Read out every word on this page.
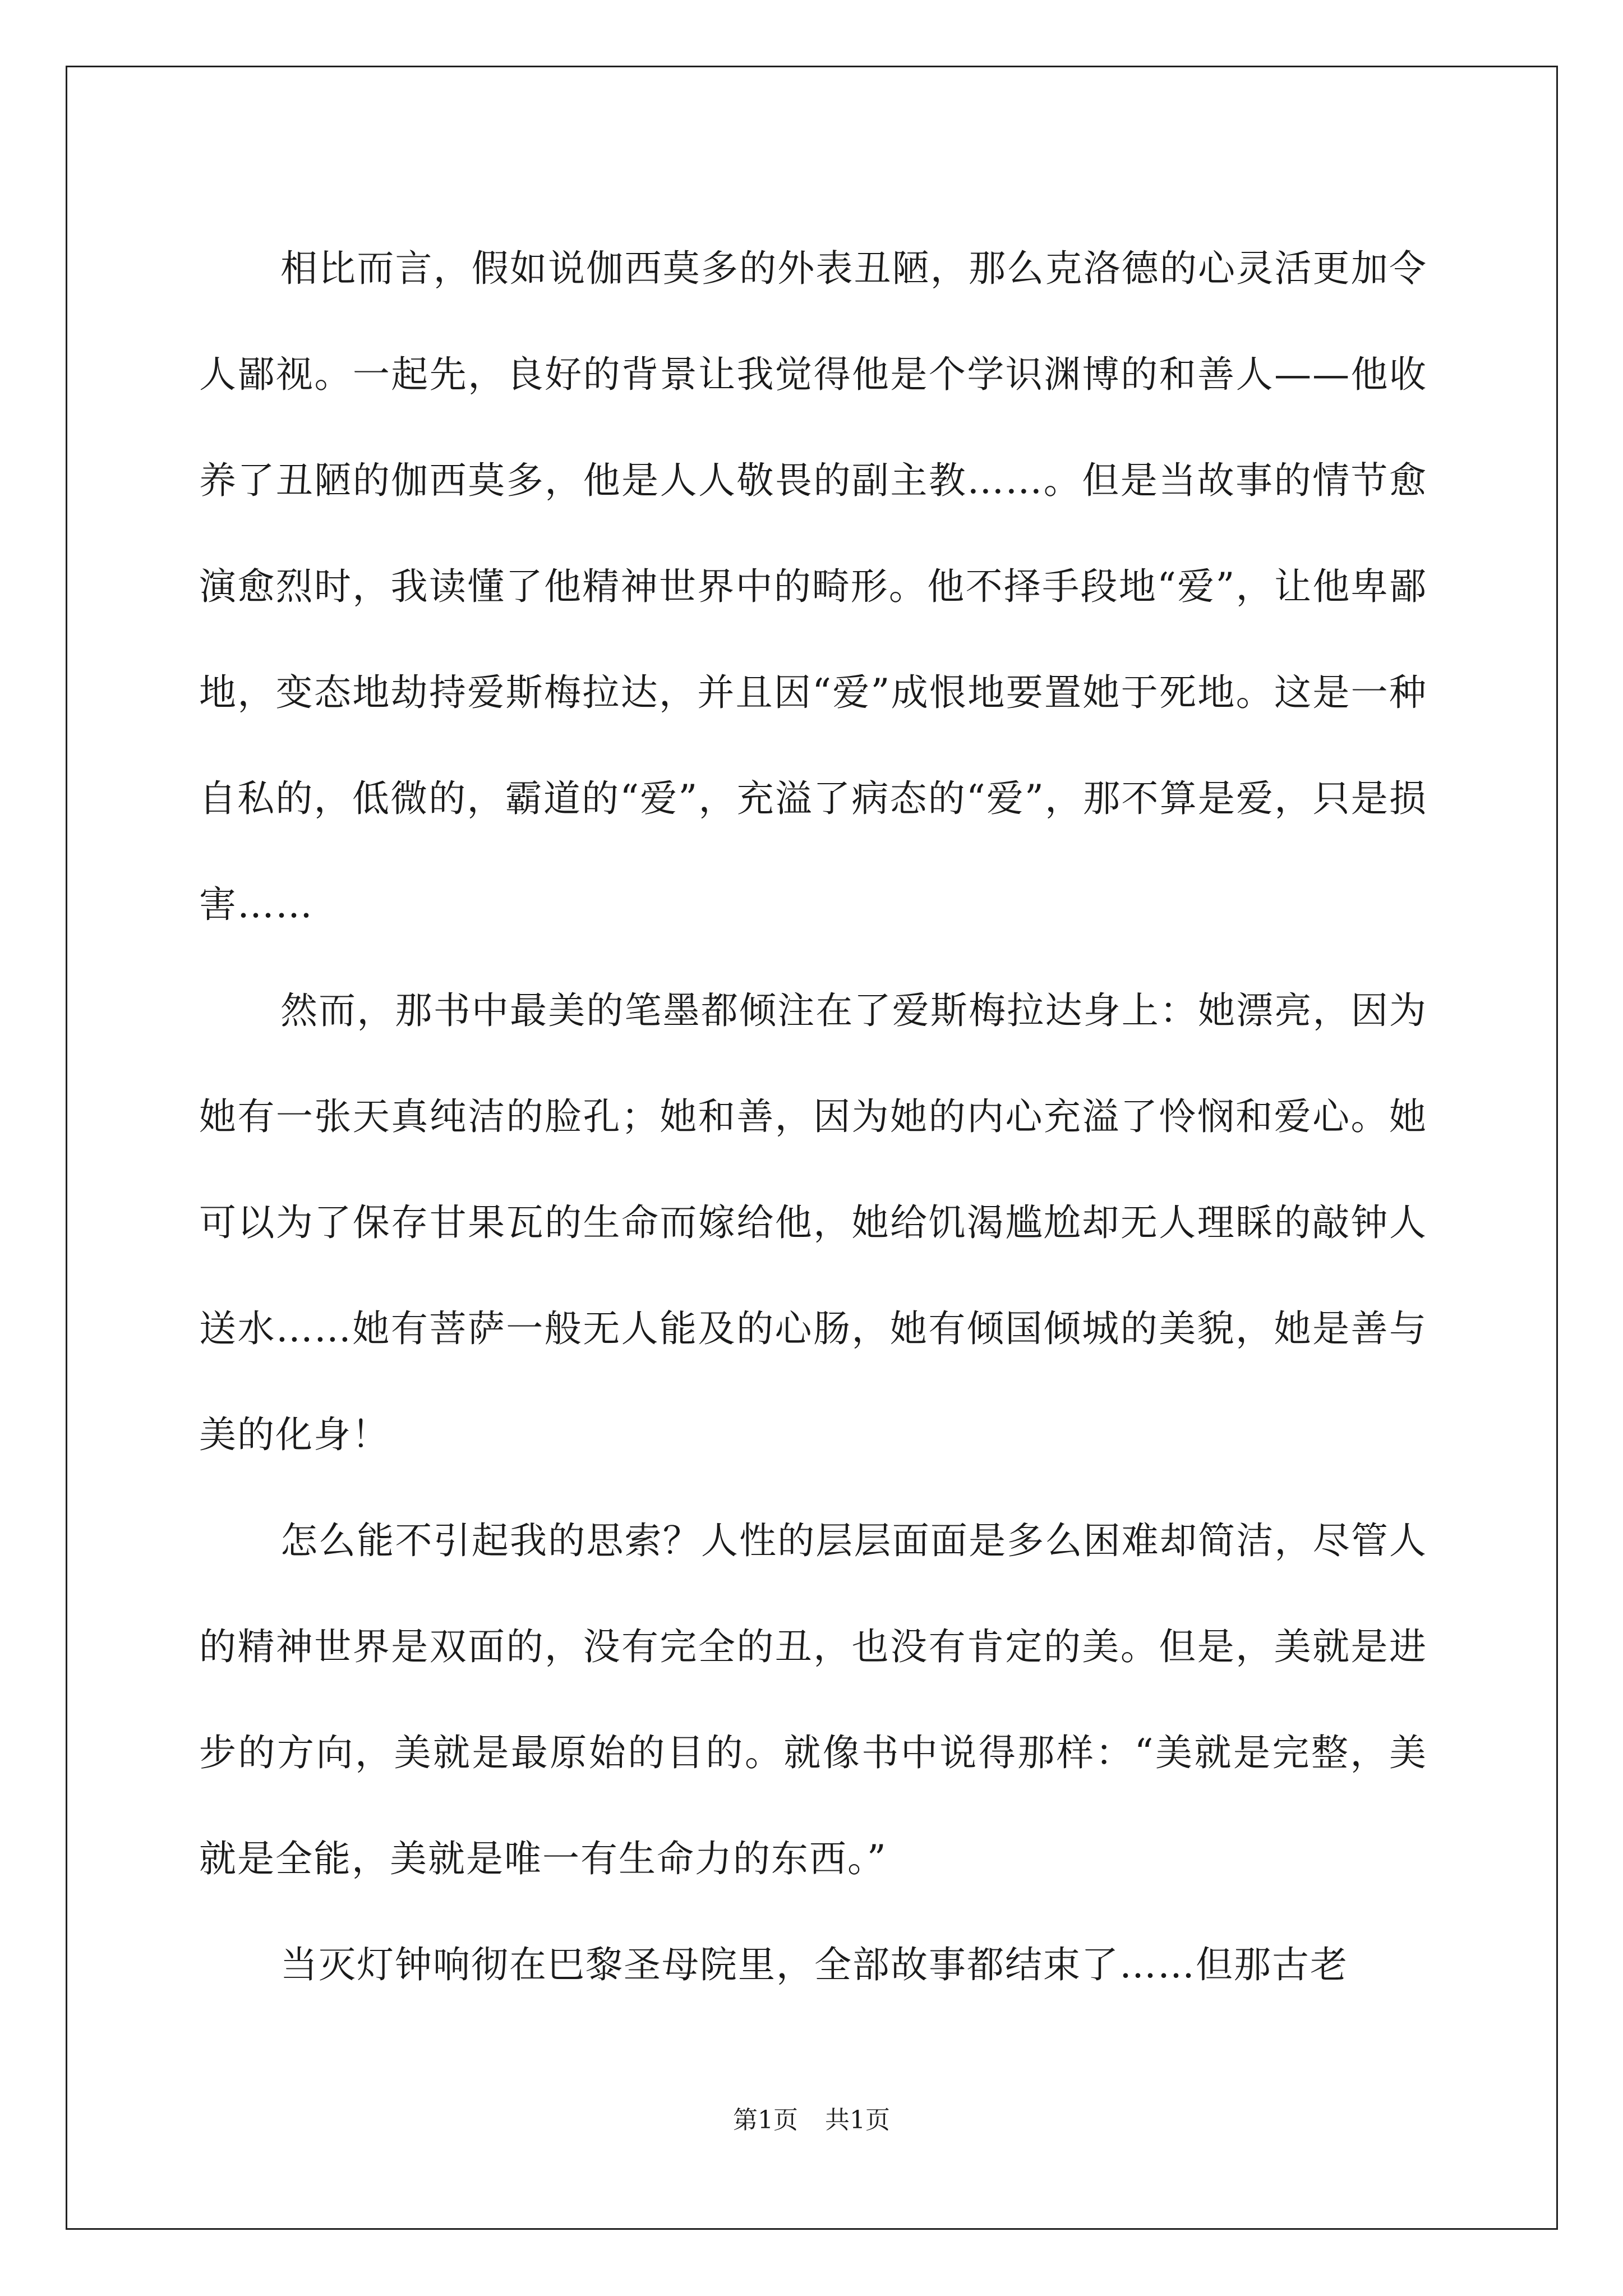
相比而言，假如说伽西莫多的外表丑陋，那么克洛德的心灵活更加令人鄙视。一起先，良好的背景让我觉得他是个学识渊博的和善人——他收养了丑陋的伽西莫多，他是人人敬畏的副主教……。但是当故事的情节愈演愈烈时，我读懂了他精神世界中的畸形。他不择手段地“爱”，让他卑鄙地，变态地劫持爱斯梅拉达，并且因“爱”成恨地要置她于死地。这是一种自私的，低微的，霸道的“爱”，充溢了病态的“爱”，那不算是爱，只是损害……

然而，那书中最美的笔墨都倾注在了爱斯梅拉达身上：她漂亮，因为她有一张天真纯洁的脸孔；她和善，因为她的内心充溢了怜悯和爱心。她可以为了保存甘果瓦的生命而嫁给他，她给饥渴尴尬却无人理睬的敲钟人送水……她有菩萨一般无人能及的心肠，她有倾国倾城的美貌，她是善与美的化身！

怎么能不引起我的思索？人性的层层面面是多么困难却简洁，尽管人的精神世界是双面的，没有完全的丑，也没有肯定的美。但是，美就是进步的方向，美就是最原始的目的。就像书中说得那样：“美就是完整，美就是全能，美就是唯一有生命力的东西。”

当灭灯钟响彻在巴黎圣母院里，全部故事都结束了……但那古老

第1页 共1页
